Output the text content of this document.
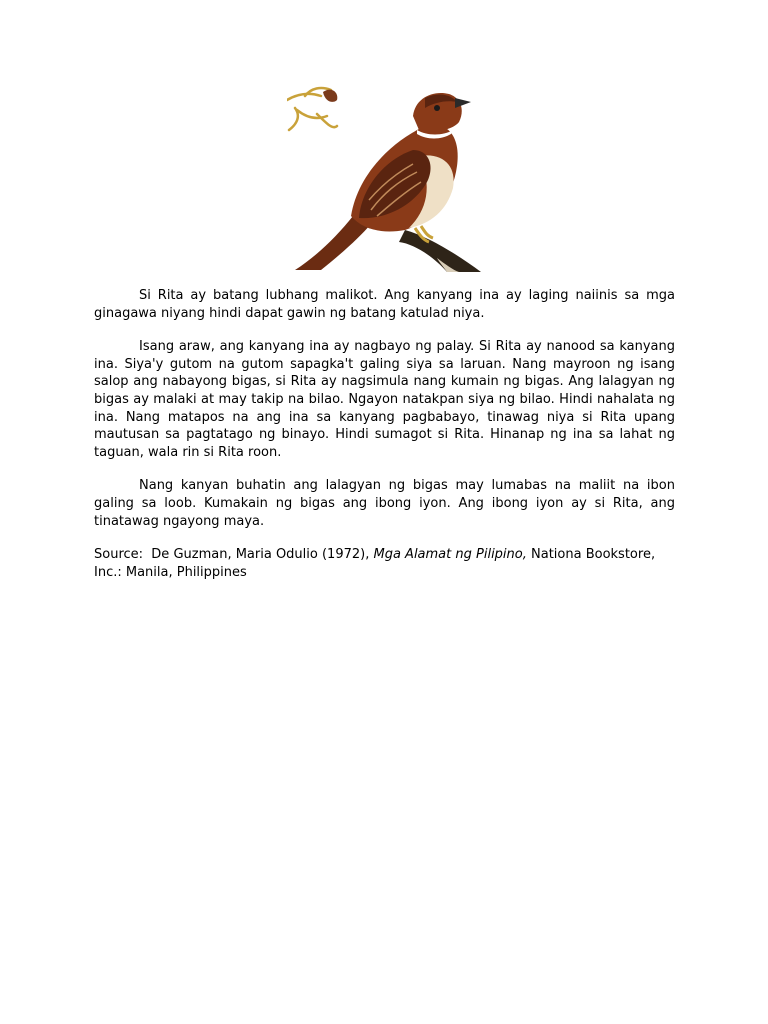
Si Rita ay batang lubhang malikot. Ang kanyang ina ay laging naiinis sa mga ginagawa niyang hindi dapat gawin ng batang katulad niya.

Isang araw, ang kanyang ina ay nagbayo ng palay. Si Rita ay nanood sa kanyang ina. Siya'y gutom na gutom sapagka't galing siya sa laruan. Nang mayroon ng isang salop ang nabayong bigas, si Rita ay nagsimula nang kumain ng bigas. Ang lalagyan ng bigas ay malaki at may takip na bilao. Ngayon natakpan siya ng bilao. Hindi nahalata ng ina. Nang matapos na ang ina sa kanyang pagbabayo, tinawag niya si Rita upang mautusan sa pagtatago ng binayo. Hindi sumagot si Rita. Hinanap ng ina sa lahat ng taguan, wala rin si Rita roon.

Nang kanyan buhatin ang lalagyan ng bigas may lumabas na maliit na ibon galing sa loob. Kumakain ng bigas ang ibong iyon. Ang ibong iyon ay si Rita, ang tinatawag ngayong maya.

Source: De Guzman, Maria Odulio (1972), Mga Alamat ng Pilipino, Nationa Bookstore, Inc.: Manila, Philippines
